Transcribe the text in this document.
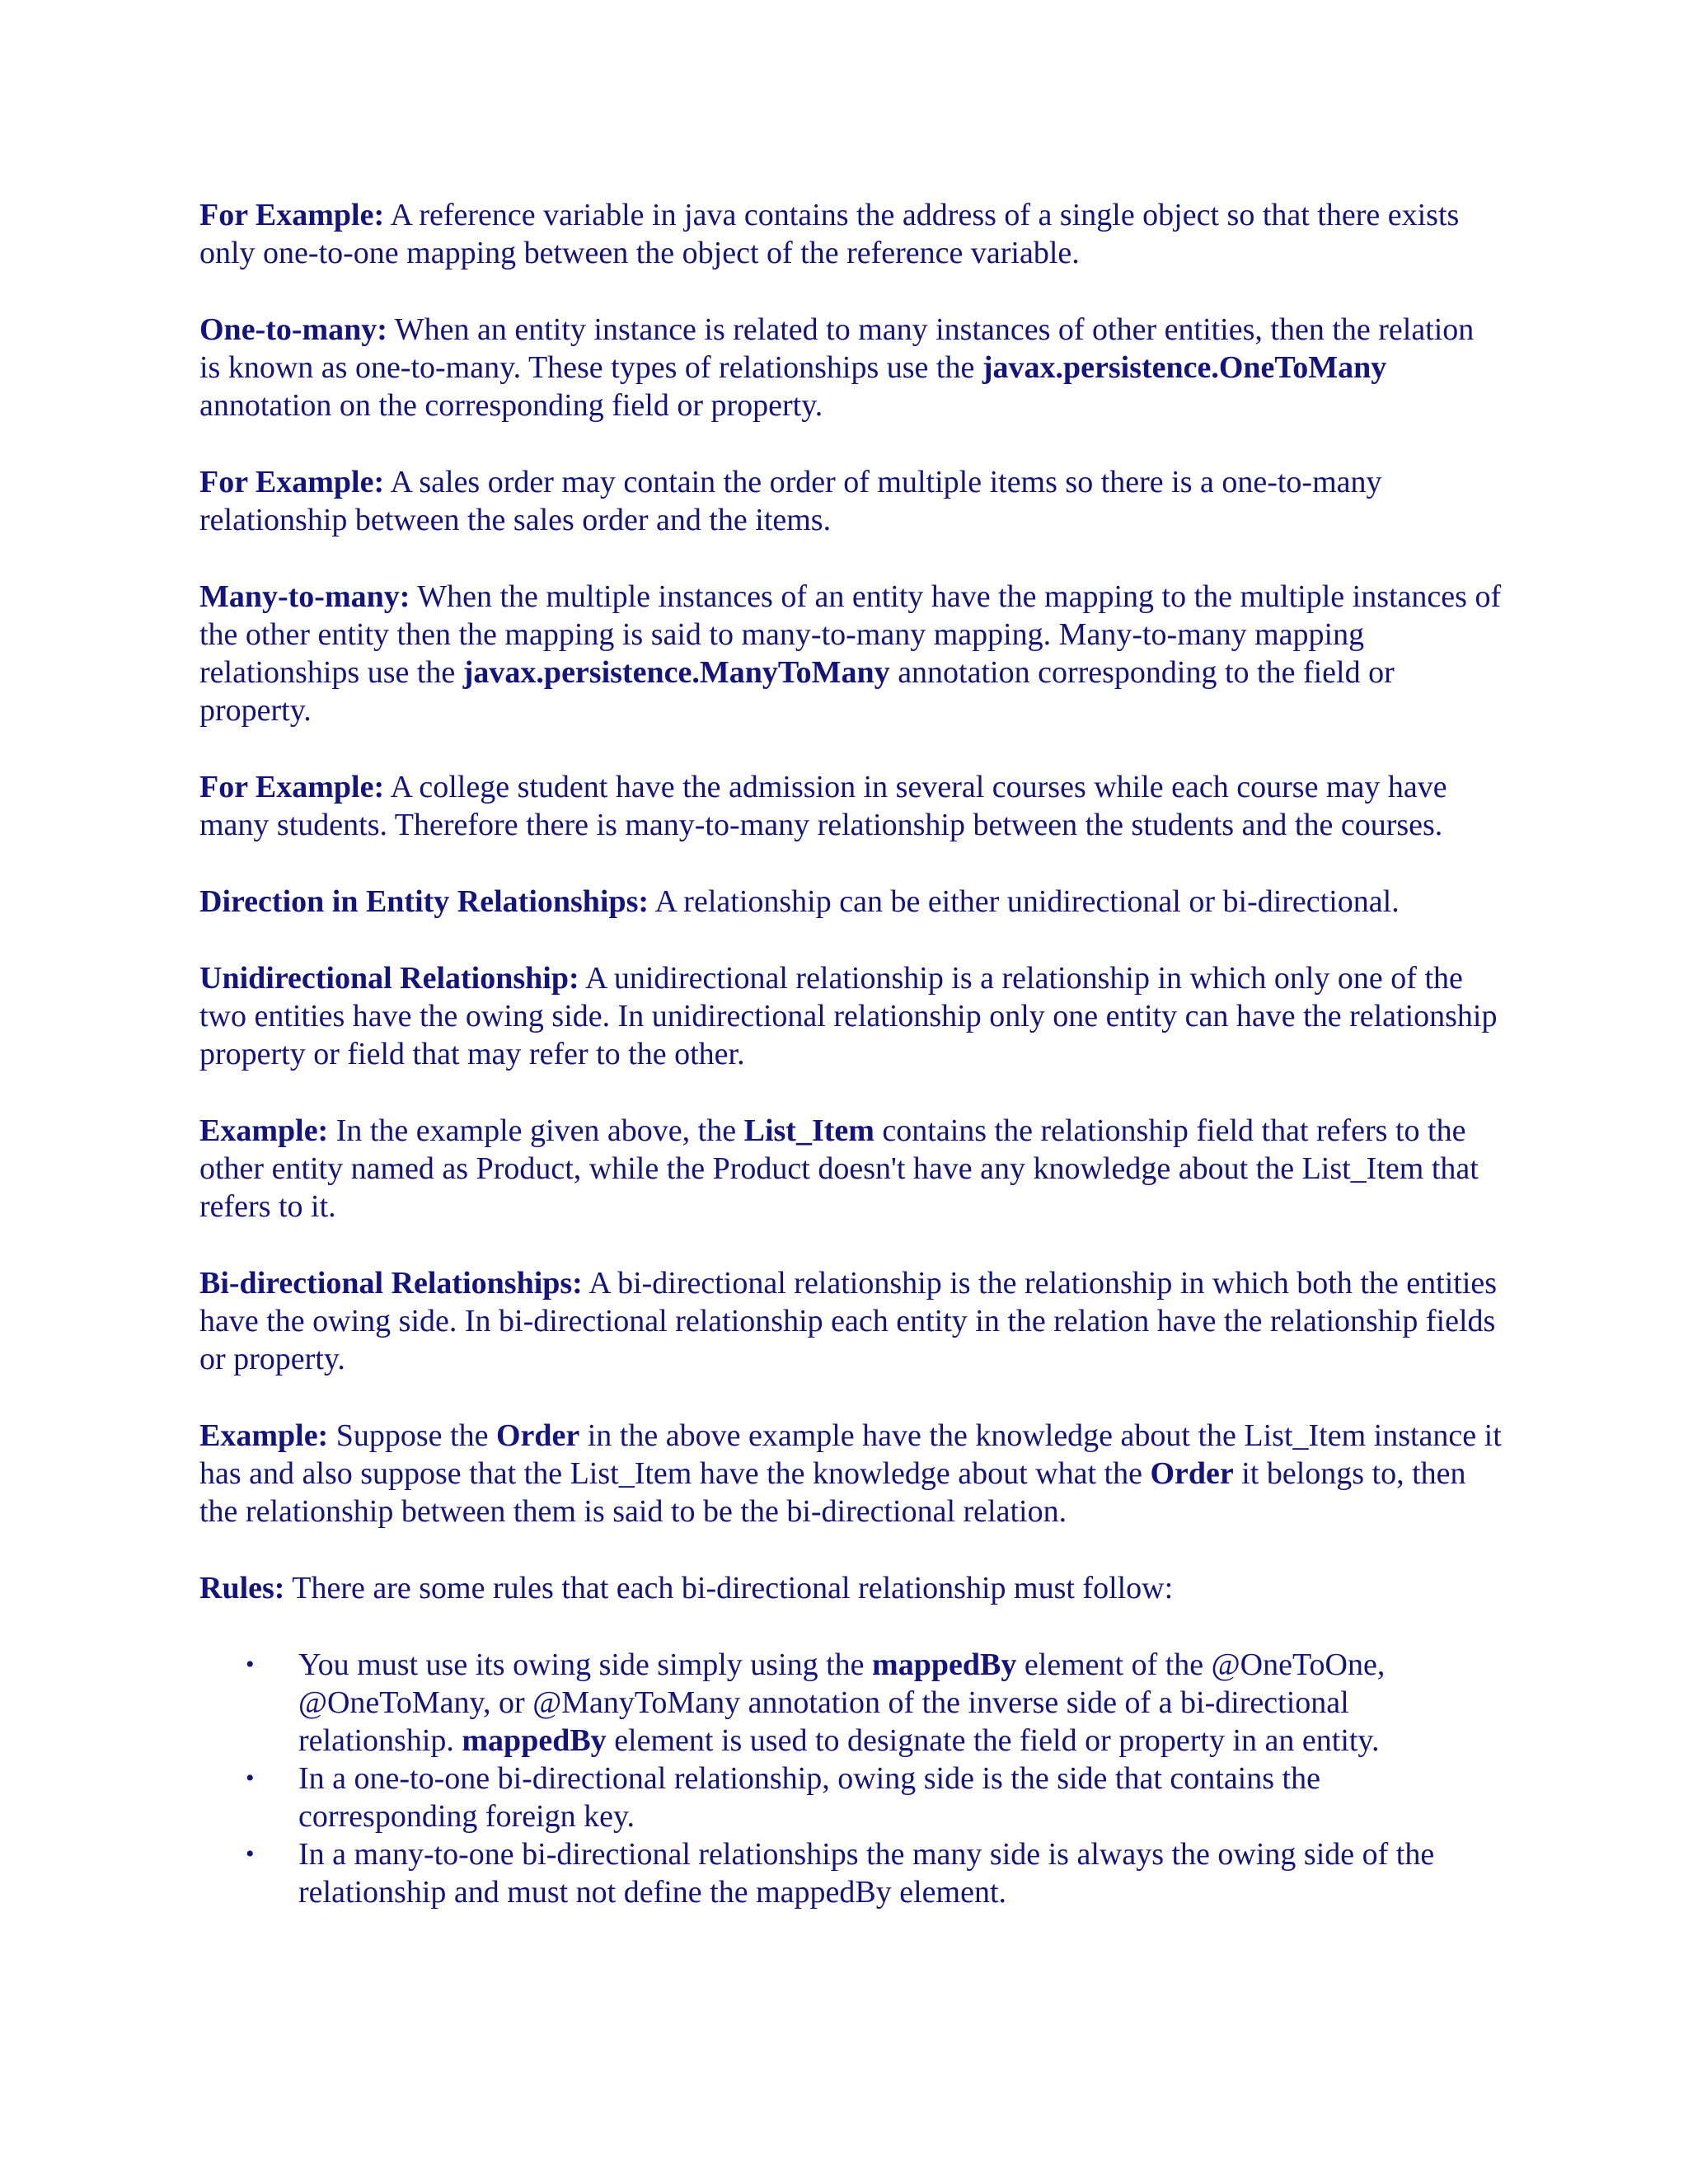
For Example: A reference variable in java contains the address of a single object so that there exists only one-to-one mapping between the object of the reference variable.

One-to-many: When an entity instance is related to many instances of other entities, then the relation is known as one-to-many. These types of relationships use the javax.persistence.OneToMany annotation on the corresponding field or property.

For Example: A sales order may contain the order of multiple items so there is a one-to-many relationship between the sales order and the items.

Many-to-many: When the multiple instances of an entity have the mapping to the multiple instances of the other entity then the mapping is said to many-to-many mapping. Many-to-many mapping relationships use the javax.persistence.ManyToMany annotation corresponding to the field or property.

For Example: A college student have the admission in several courses while each course may have many students. Therefore there is many-to-many relationship between the students and the courses.

Direction in Entity Relationships: A relationship can be either unidirectional or bi-directional.

Unidirectional Relationship: A unidirectional relationship is a relationship in which only one of the two entities have the owing side. In unidirectional relationship only one entity can have the relationship property or field that may refer to the other.

Example: In the example given above, the List_Item contains the relationship field that refers to the other entity named as Product, while the Product doesn't have any knowledge about the List_Item that refers to it.

Bi-directional Relationships: A bi-directional relationship is the relationship in which both the entities have the owing side. In bi-directional relationship each entity in the relation have the relationship fields or property.

Example: Suppose the Order in the above example have the knowledge about the List_Item instance it has and also suppose that the List_Item have the knowledge about what the Order it belongs to, then the relationship between them is said to be the bi-directional relation.

Rules: There are some rules that each bi-directional relationship must follow:

• You must use its owing side simply using the mappedBy element of the @OneToOne, @OneToMany, or @ManyToMany annotation of the inverse side of a bi-directional relationship. mappedBy element is used to designate the field or property in an entity.
• In a one-to-one bi-directional relationship, owing side is the side that contains the corresponding foreign key.
• In a many-to-one bi-directional relationships the many side is always the owing side of the relationship and must not define the mappedBy element.
